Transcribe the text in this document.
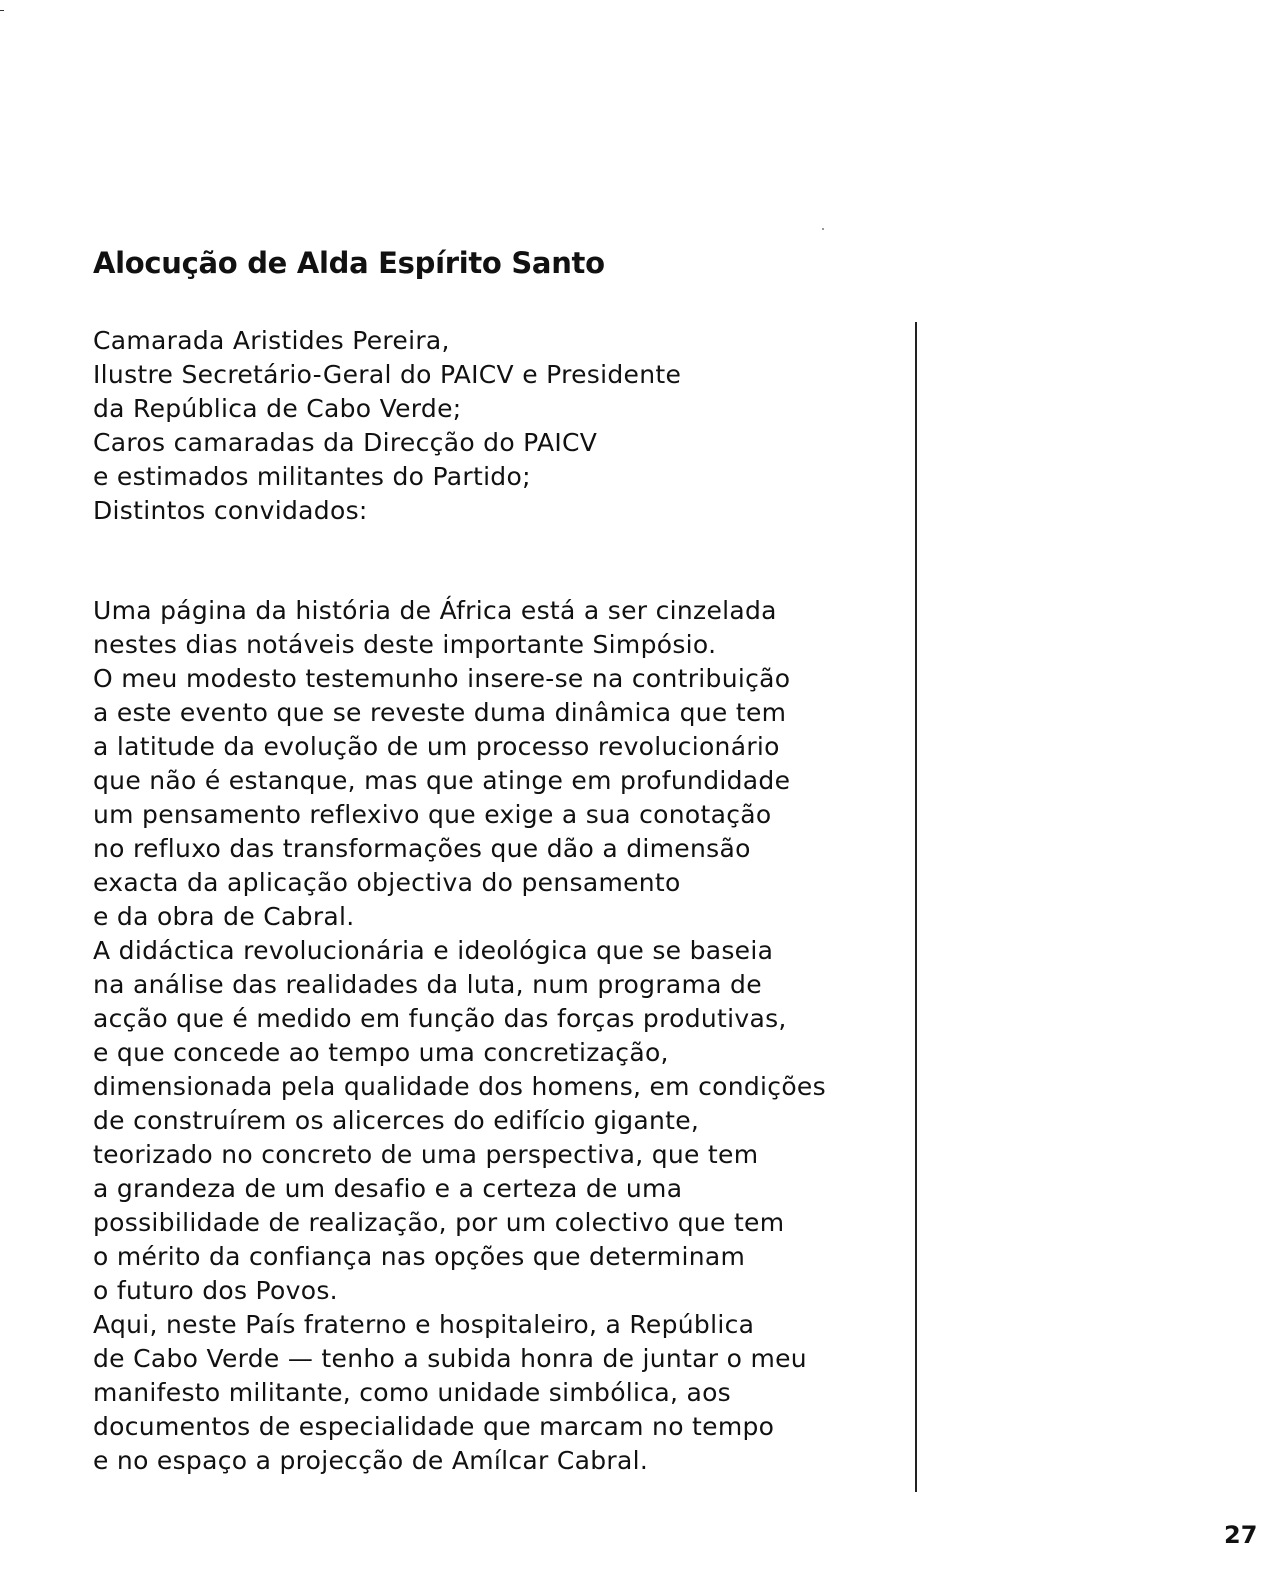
Alocução de Alda Espírito Santo
Camarada Aristides Pereira,
Ilustre Secretário-Geral do PAICV e Presidente
da República de Cabo Verde;
Caros camaradas da Direcção do PAICV
e estimados militantes do Partido;
Distintos convidados:
Uma página da história de África está a ser cinzelada
nestes dias notáveis deste importante Simpósio.
O meu modesto testemunho insere-se na contribuição
a este evento que se reveste duma dinâmica que tem
a latitude da evolução de um processo revolucionário
que não é estanque, mas que atinge em profundidade
um pensamento reflexivo que exige a sua conotação
no refluxo das transformações que dão a dimensão
exacta da aplicação objectiva do pensamento
e da obra de Cabral.
A didáctica revolucionária e ideológica que se baseia
na análise das realidades da luta, num programa de
acção que é medido em função das forças produtivas,
e que concede ao tempo uma concretização,
dimensionada pela qualidade dos homens, em condições
de construírem os alicerces do edifício gigante,
teorizado no concreto de uma perspectiva, que tem
a grandeza de um desafio e a certeza de uma
possibilidade de realização, por um colectivo que tem
o mérito da confiança nas opções que determinam
o futuro dos Povos.
Aqui, neste País fraterno e hospitaleiro, a República
de Cabo Verde — tenho a subida honra de juntar o meu
manifesto militante, como unidade simbólica, aos
documentos de especialidade que marcam no tempo
e no espaço a projecção de Amílcar Cabral.
27
